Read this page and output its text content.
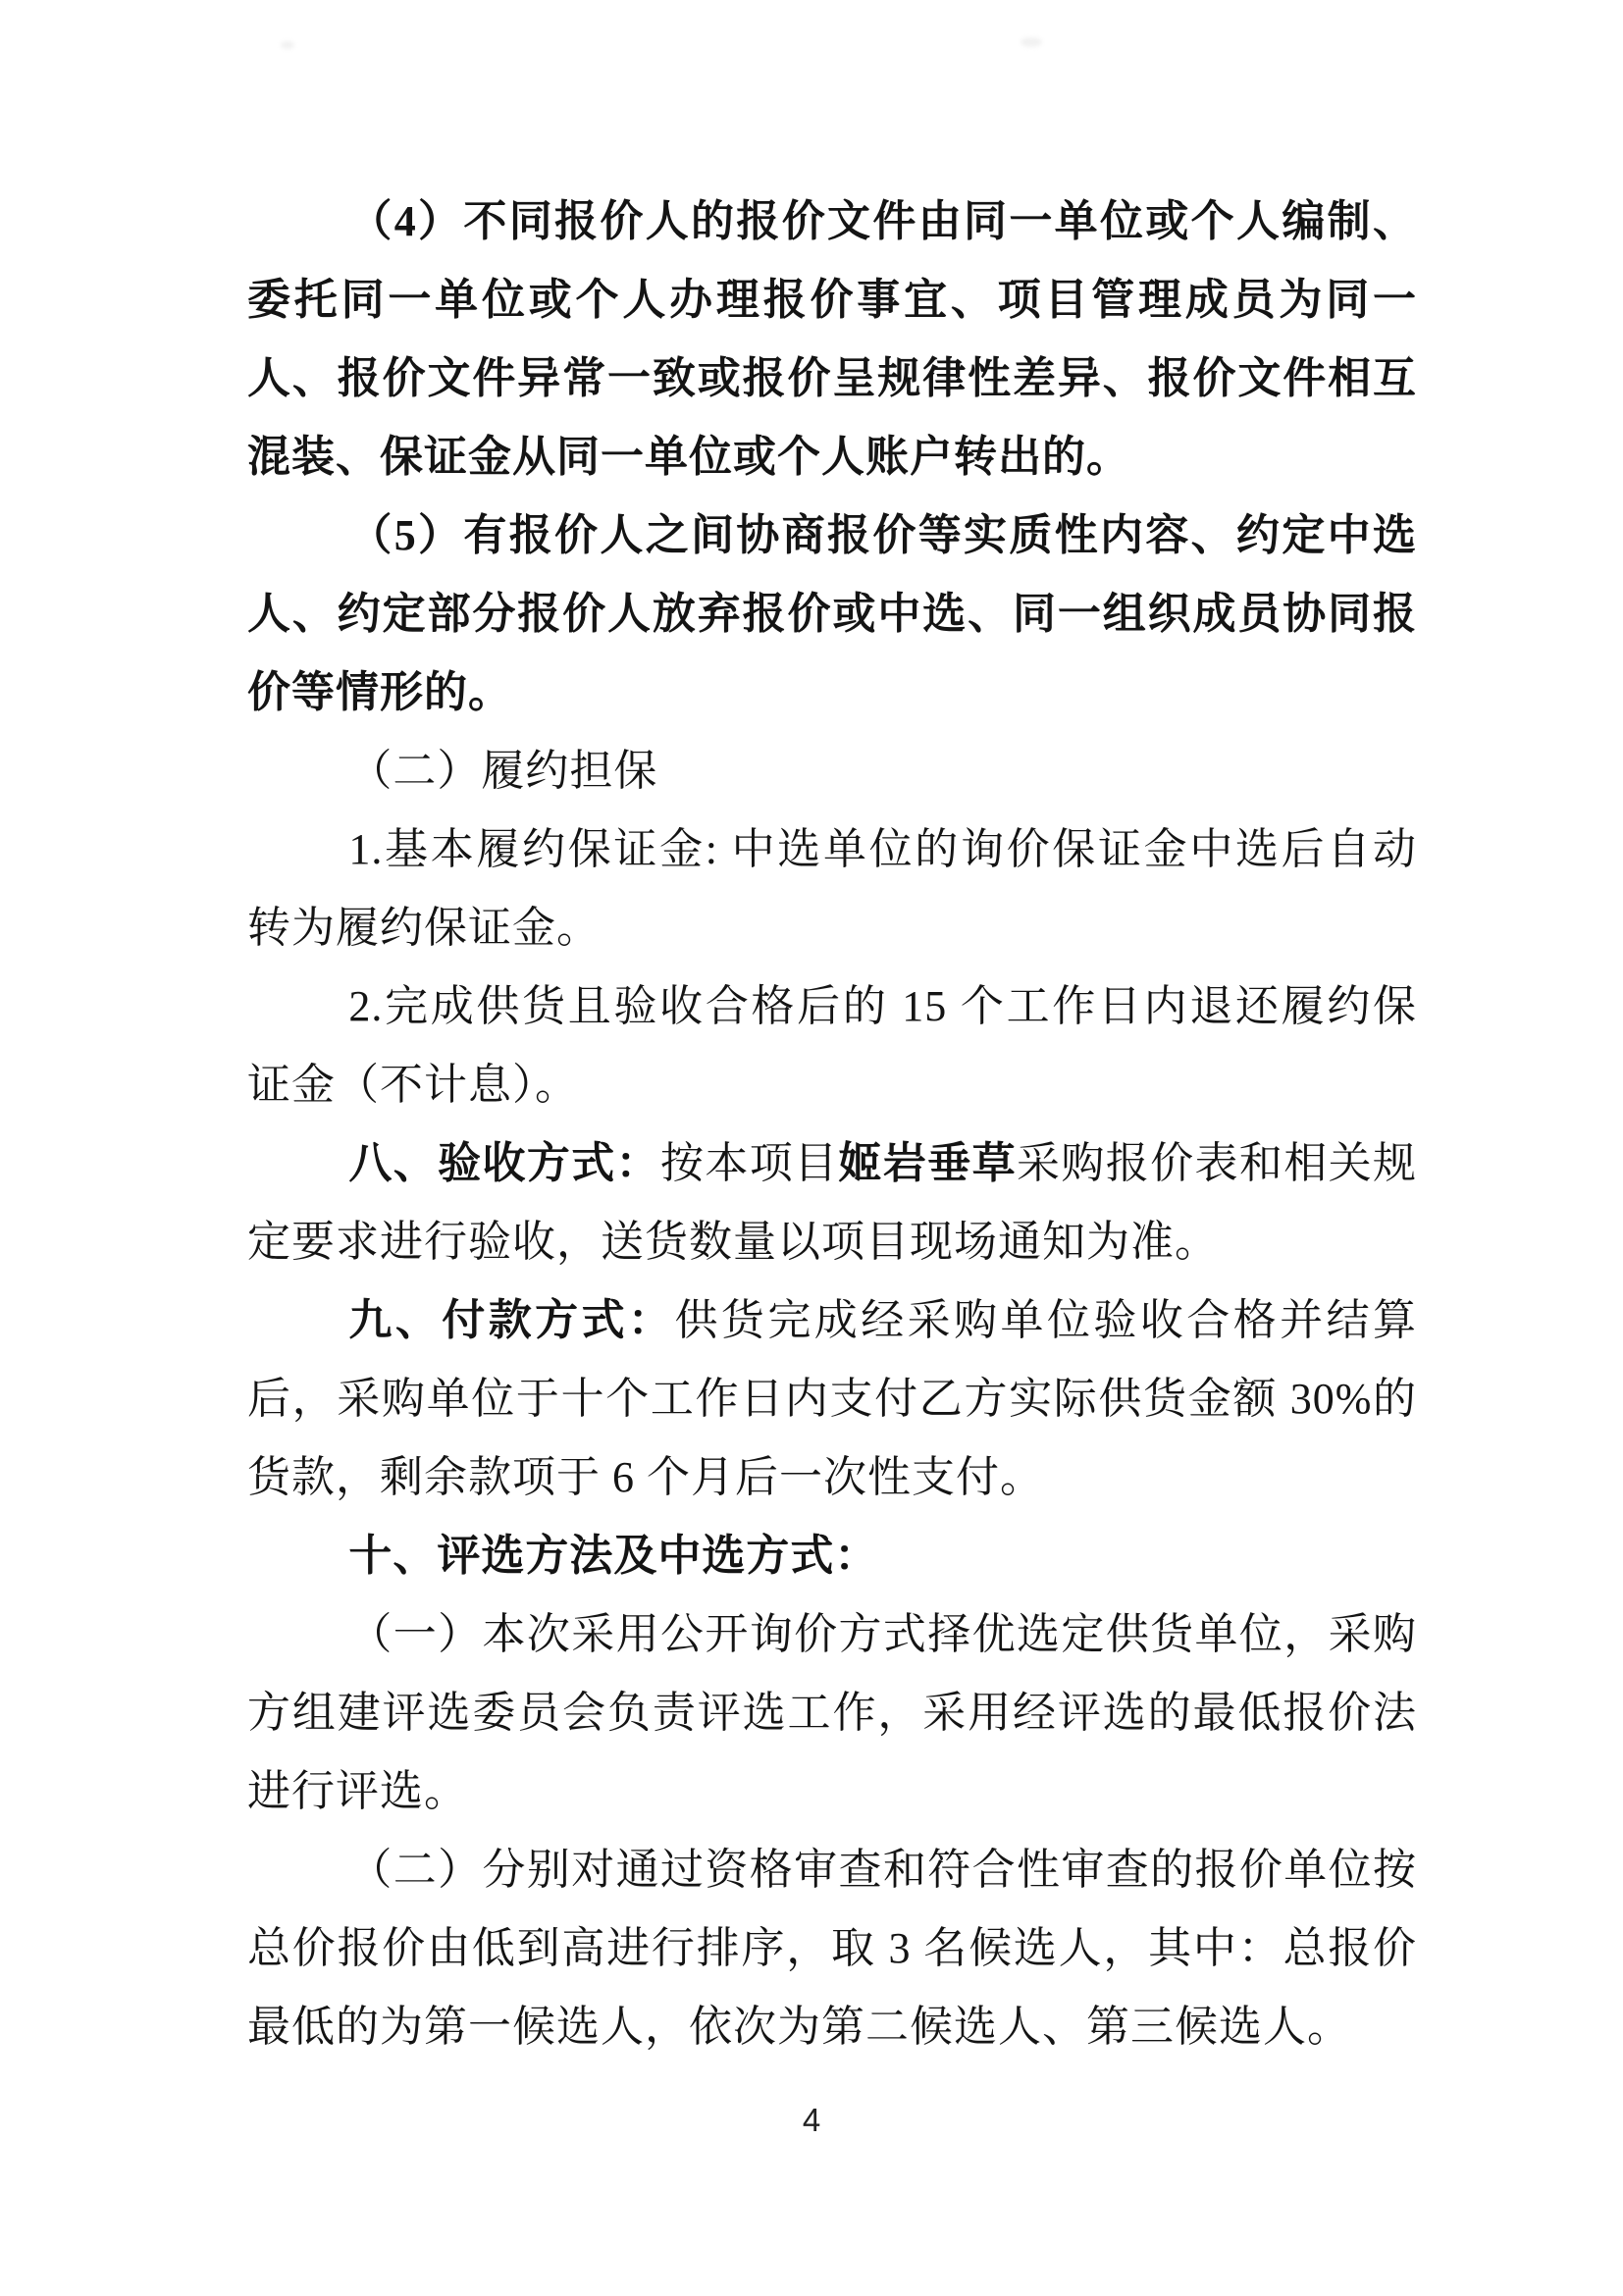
（4）不同报价人的报价文件由同一单位或个人编制、委托同一单位或个人办理报价事宜、项目管理成员为同一人、报价文件异常一致或报价呈规律性差异、报价文件相互混装、保证金从同一单位或个人账户转出的。

（5）有报价人之间协商报价等实质性内容、约定中选人、约定部分报价人放弃报价或中选、同一组织成员协同报价等情形的。

（二）履约担保

1.基本履约保证金: 中选单位的询价保证金中选后自动转为履约保证金。

2.完成供货且验收合格后的 15 个工作日内退还履约保证金（不计息）。

八、验收方式：按本项目姬岩垂草采购报价表和相关规定要求进行验收，送货数量以项目现场通知为准。

九、付款方式：供货完成经采购单位验收合格并结算后，采购单位于十个工作日内支付乙方实际供货金额 30%的货款，剩余款项于 6 个月后一次性支付。

十、评选方法及中选方式：

（一）本次采用公开询价方式择优选定供货单位，采购方组建评选委员会负责评选工作，采用经评选的最低报价法进行评选。

（二）分别对通过资格审查和符合性审查的报价单位按总价报价由低到高进行排序，取 3 名候选人，其中：总报价最低的为第一候选人，依次为第二候选人、第三候选人。

4
